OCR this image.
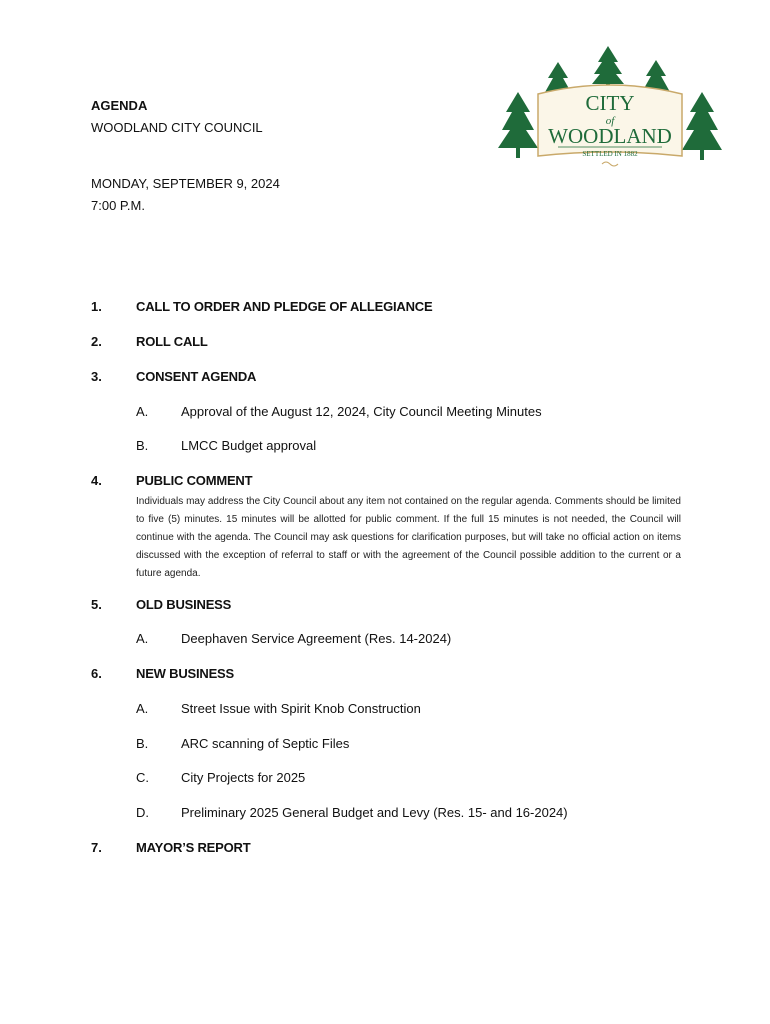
AGENDA
WOODLAND CITY COUNCIL
MONDAY, SEPTEMBER 9, 2024
7:00 P.M.
CITY
of
WOODLAND
SETTLED IN 1882
1.	CALL TO ORDER AND PLEDGE OF ALLEGIANCE
2.	ROLL CALL
3.	CONSENT AGENDA
A.	Approval of the August 12, 2024, City Council Meeting Minutes
B.	LMCC Budget approval
4.	PUBLIC COMMENT
Individuals may address the City Council about any item not contained on the regular agenda. Comments should be limited to five (5) minutes. 15 minutes will be allotted for public comment. If the full 15 minutes is not needed, the Council will continue with the agenda. The Council may ask questions for clarification purposes, but will take no official action on items discussed with the exception of referral to staff or with the agreement of the Council possible addition to the current or a future agenda.
5.	OLD BUSINESS
A.	Deephaven Service Agreement (Res. 14-2024)
6.	NEW BUSINESS
A.	Street Issue with Spirit Knob Construction
B.	ARC scanning of Septic Files
C. City Projects for 2025
D. Preliminary 2025 General Budget and Levy (Res. 15- and 16-2024)
7.	MAYOR’S REPORT
